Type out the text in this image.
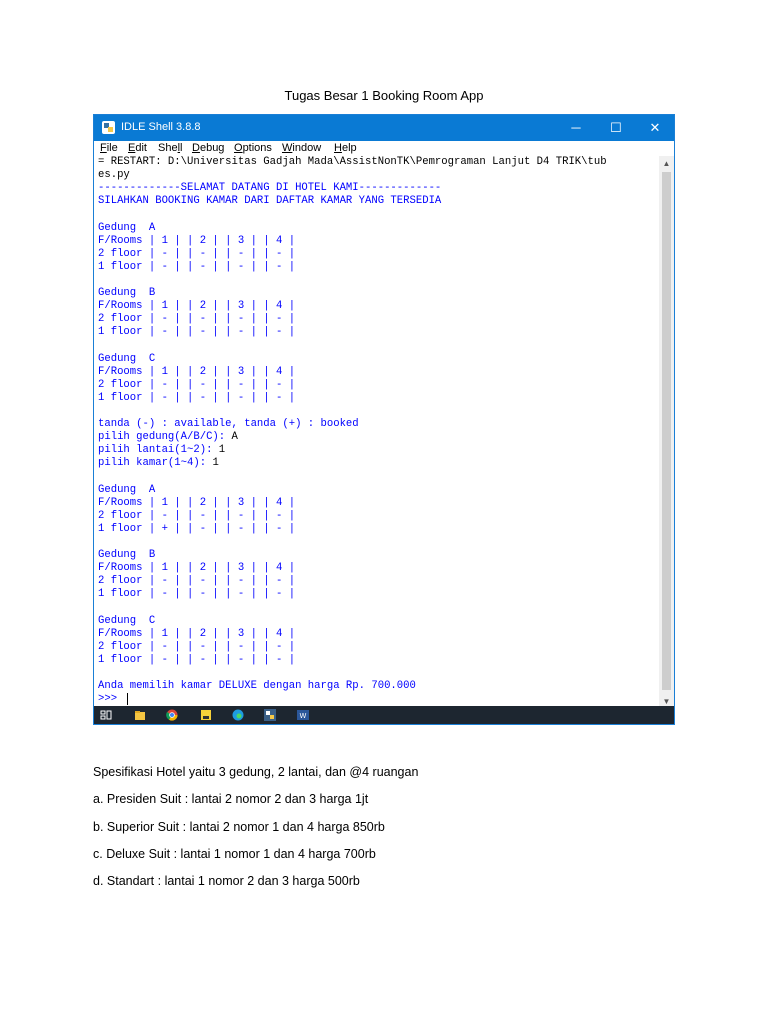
Tugas Besar 1 Booking Room App
IDLE Shell 3.8.8	─	☐	✕
File Edit Shell Debug Options Window Help
= RESTART: D:\Universitas Gadjah Mada\AssistNonTK\Pemrograman Lanjut D4 TRIK\tub
es.py
-------------SELAMAT DATANG DI HOTEL KAMI-------------
SILAHKAN BOOKING KAMAR DARI DAFTAR KAMAR YANG TERSEDIA
Gedung  A
F/Rooms | 1 | | 2 | | 3 | | 4 |
2 floor | - | | - | | - | | - |
1 floor | - | | - | | - | | - |
Gedung  B
F/Rooms | 1 | | 2 | | 3 | | 4 |
2 floor | - | | - | | - | | - |
1 floor | - | | - | | - | | - |
Gedung  C
F/Rooms | 1 | | 2 | | 3 | | 4 |
2 floor | - | | - | | - | | - |
1 floor | - | | - | | - | | - |
tanda (-) : available, tanda (+) : booked
pilih gedung(A/B/C): A
pilih lantai(1~2): 1
pilih kamar(1~4): 1
Gedung  A
F/Rooms | 1 | | 2 | | 3 | | 4 |
2 floor | - | | - | | - | | - |
1 floor | + | | - | | - | | - |
Gedung  B
F/Rooms | 1 | | 2 | | 3 | | 4 |
2 floor | - | | - | | - | | - |
1 floor | - | | - | | - | | - |
Gedung  C
F/Rooms | 1 | | 2 | | 3 | | 4 |
2 floor | - | | - | | - | | - |
1 floor | - | | - | | - | | - |
Anda memilih kamar DELUXE dengan harga Rp. 700.000
>>>
▲
▼
W
Spesifikasi Hotel yaitu 3 gedung, 2 lantai, dan @4 ruangan
a. Presiden Suit : lantai 2 nomor 2 dan 3 harga 1jt
b. Superior Suit : lantai 2 nomor 1 dan 4 harga 850rb
c. Deluxe Suit : lantai 1 nomor 1 dan 4 harga 700rb
d. Standart : lantai 1 nomor 2 dan 3 harga 500rb
